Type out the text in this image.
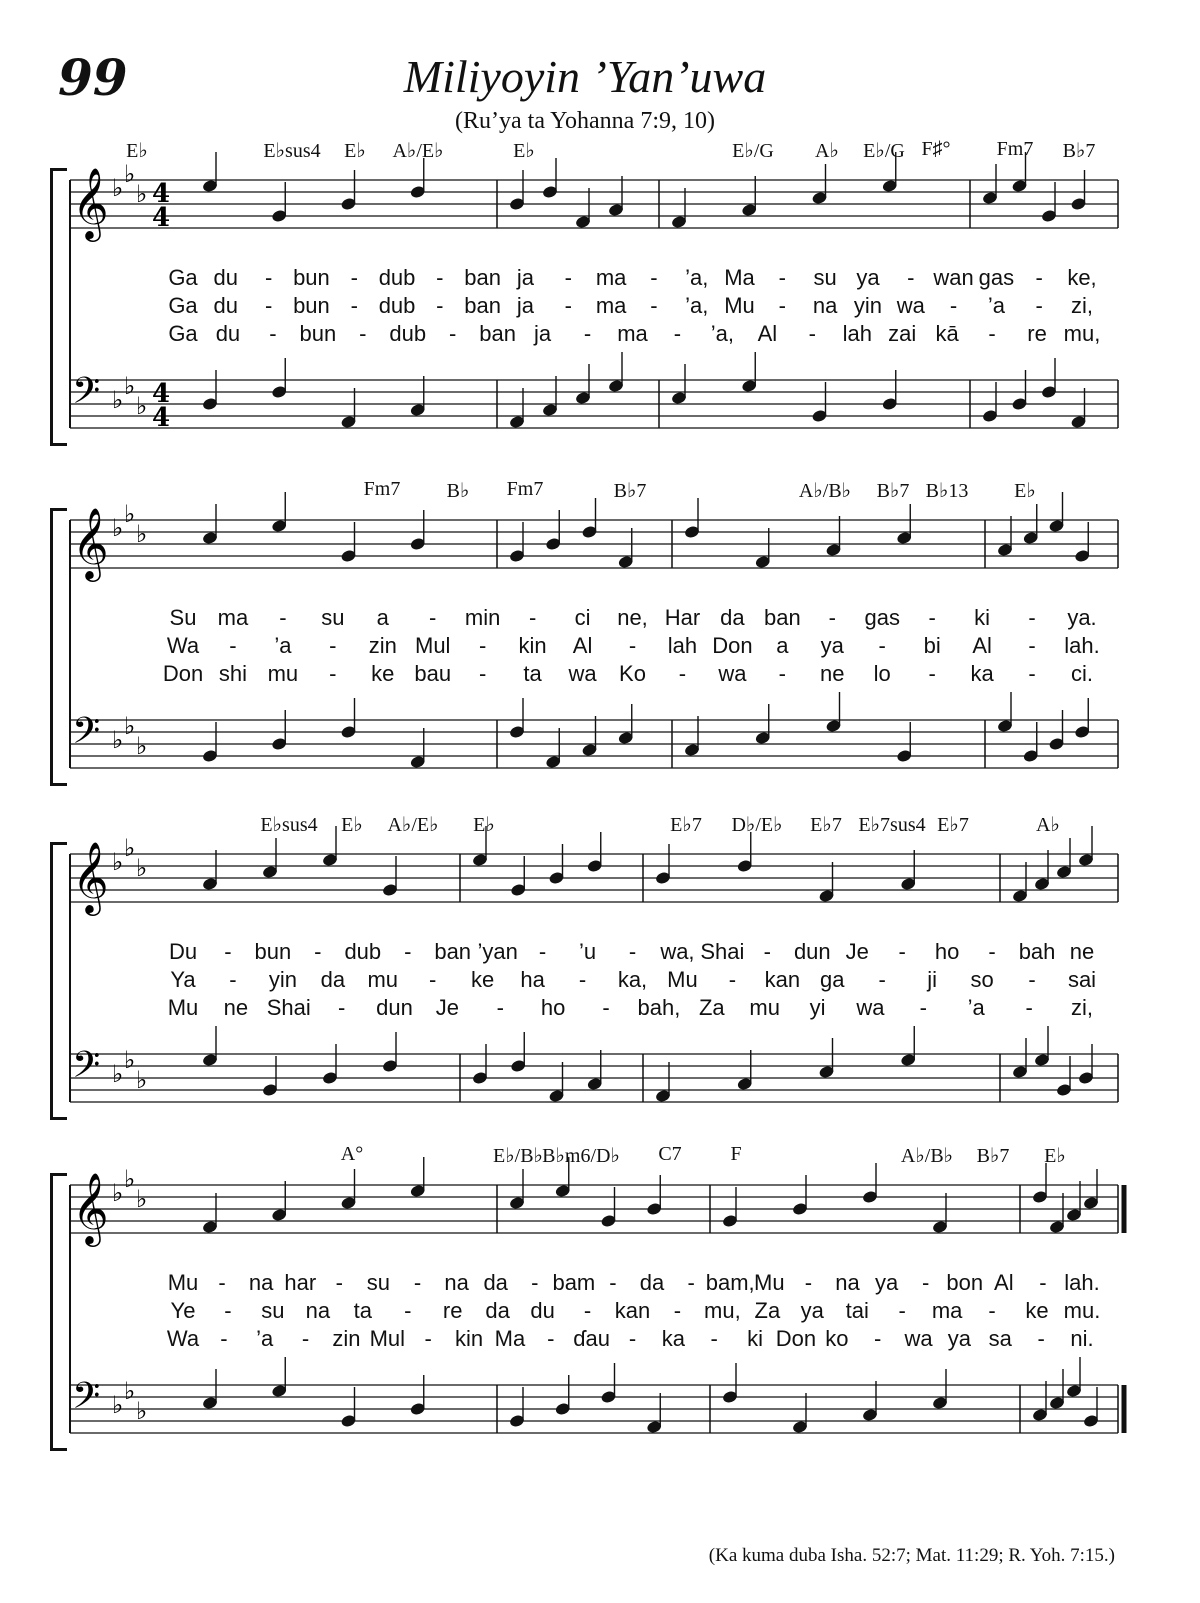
99	Miliyoyin ’Yan’uwa
(Ru’ya ta Yohanna 7:9, 10)
E♭	E♭sus4 E♭ A♭/E♭	E♭	E♭/G A♭ E♭/G F♯° Fm7 B♭7
𝄞 ♭ ♭
♭ 4
4
𝄢 ♭ ♭
♭ 4
4
Ga du - bun - dub - ban ja - ma - ’a, Ma - su ya - wan gas - ke,
Ga du - bun - dub - ban ja - ma - ’a, Mu - na yin wa - ’a - zi,
Ga du - bun - dub - ban ja - ma - ’a, Al - lah zai kā - re mu,
Fm7 B♭ Fm7	B♭7	A♭/B♭ B♭7 B♭13 E♭
𝄞 ♭ ♭
♭
𝄢 ♭ ♭
♭
Su ma - su a - min - ci ne, Har da ban - gas - ki - ya.
Wa - ’a - zin Mul - kin Al - lah Don a ya - bi Al - lah.
Don shi mu - ke bau - ta wa Ko - wa - ne lo - ka - ci.
E♭sus4 E♭ A♭/E♭ E♭	E♭7 D♭/E♭ E♭7 E♭7sus4 E♭7	A♭
𝄞 ♭ ♭
♭
𝄢 ♭ ♭
♭
Du - bun - dub - ban ’yan - ’u - wa, Shai - dun Je - ho - bah ne
Ya - yin da mu - ke ha - ka, Mu - kan ga - ji so - sai
Mu ne Shai - dun Je - ho - bah, Za mu yi wa - ’a - zi,
A°	E♭/B♭ B♭m6/D♭ C7 F	A♭/B♭ B♭7 E♭
𝄞 ♭ ♭
♭
𝄢 ♭ ♭
♭
Mu - na har - su - na da - bam - da - bam, Mu - na ya - bon Al - lah.
Ye - su na ta - re da du - kan - mu, Za ya tai - ma - ke mu.
Wa - ’a - zin Mul - kin Ma - ɗau - ka - ki Don ko - wa ya sa - ni.
(Ka kuma duba Isha. 52:7; Mat. 11:29; R. Yoh. 7:15.)
